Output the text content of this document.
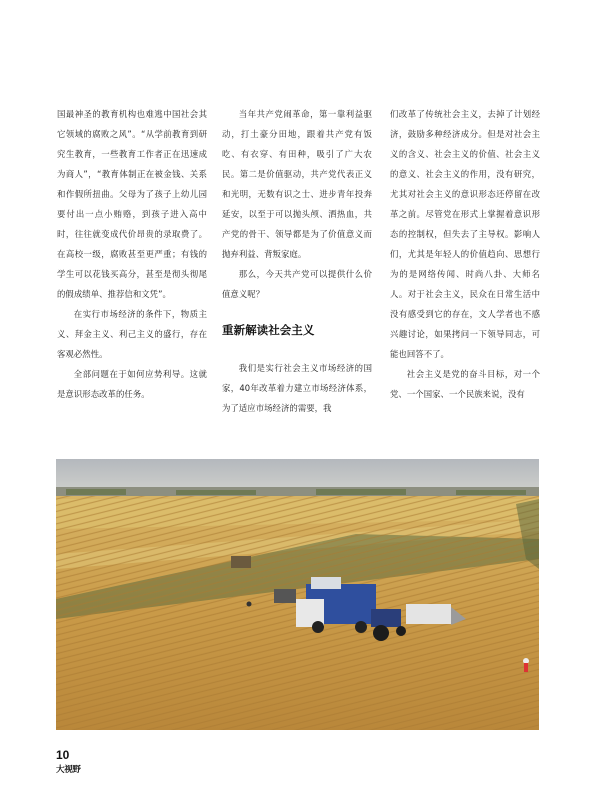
国最神圣的教育机构也难逃中国社会其它领域的腐败之风”。“从学前教育到研究生教育，一些教育工作者正在迅速成为商人”，“教育体制正在被金钱、关系和作假所扭曲。父母为了孩子上幼儿园要付出一点小贿赂，到孩子进入高中时，往往就变成代价昂贵的录取费了。在高校一级，腐败甚至更严重；有钱的学生可以花钱买高分，甚至是彻头彻尾的假成绩单、推荐信和文凭”。

在实行市场经济的条件下，物质主义、拜金主义、利己主义的盛行，存在客观必然性。

全部问题在于如何应势利导。这就是意识形态改革的任务。

当年共产党闹革命，第一靠利益驱动，打土豪分田地，跟着共产党有饭吃、有衣穿、有田种，吸引了广大农民。第二是价值驱动，共产党代表正义和光明，无数有识之士、进步青年投奔延安，以至于可以抛头颅、洒热血，共产党的骨干、领导都是为了价值意义而抛弃利益、背叛家庭。

那么，今天共产党可以提供什么价值意义呢？

重新解读社会主义

我们是实行社会主义市场经济的国家，40年改革着力建立市场经济体系，为了适应市场经济的需要，我

们改革了传统社会主义，去掉了计划经济，鼓励多种经济成分。但是对社会主义的含义、社会主义的价值、社会主义的意义、社会主义的作用，没有研究，尤其对社会主义的意识形态还停留在改革之前。尽管党在形式上掌握着意识形态的控制权，但失去了主导权。影响人们，尤其是年轻人的价值趋向、思想行为的是网络传闻、时尚八卦、大师名人。对于社会主义，民众在日常生活中没有感受到它的存在，文人学者也不感兴趣讨论，如果拷问一下领导同志，可能也回答不了。

社会主义是党的奋斗目标，对一个党、一个国家、一个民族来说，没有

10
大视野
